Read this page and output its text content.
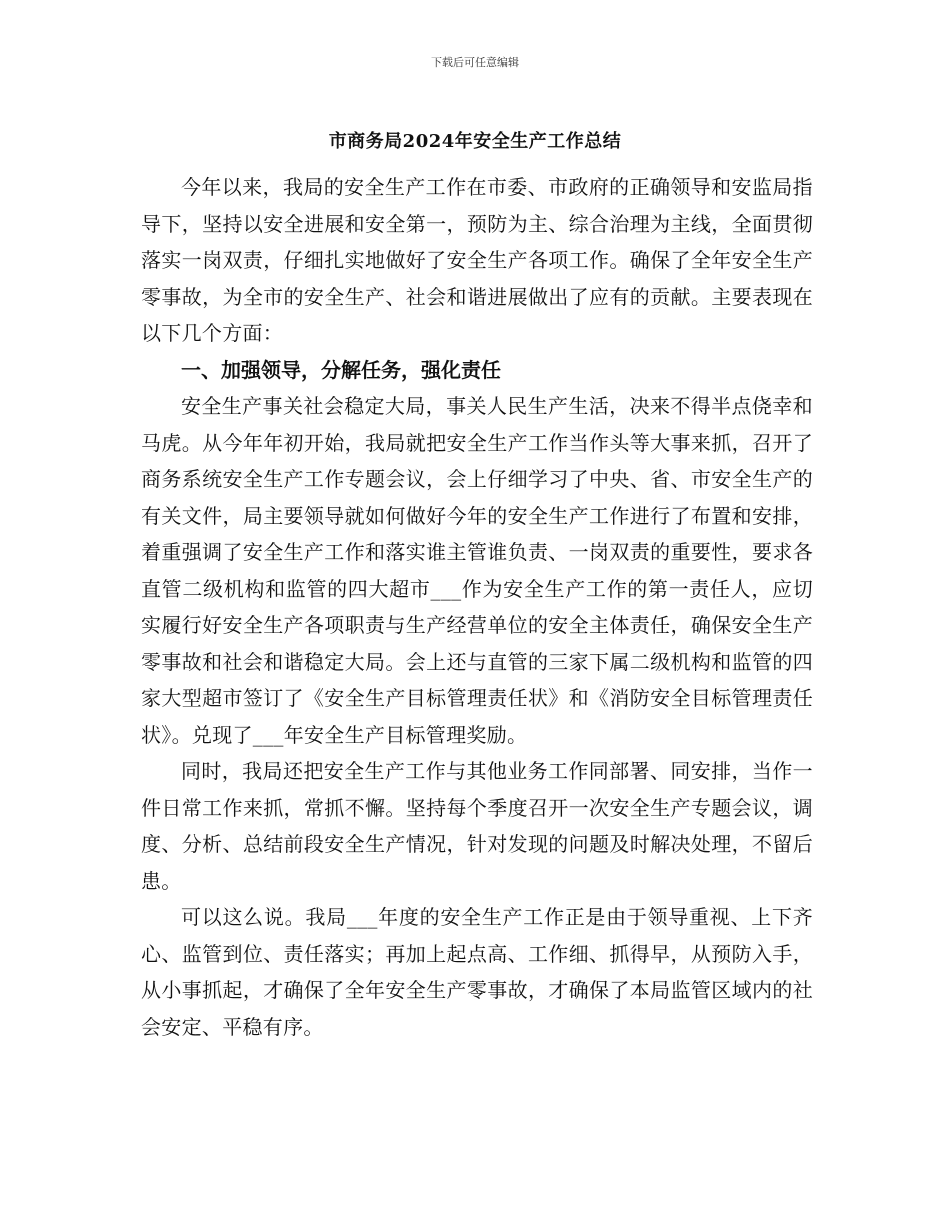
下载后可任意编辑
市商务局2024年安全生产工作总结

今年以来，我局的安全生产工作在市委、市政府的正确领导和安监局指导下，坚持以安全进展和安全第一，预防为主、综合治理为主线，全面贯彻落实一岗双责，仔细扎实地做好了安全生产各项工作。确保了全年安全生产零事故，为全市的安全生产、社会和谐进展做出了应有的贡献。主要表现在以下几个方面：

一、加强领导，分解任务，强化责任

安全生产事关社会稳定大局，事关人民生产生活，决来不得半点侥幸和马虎。从今年年初开始，我局就把安全生产工作当作头等大事来抓，召开了商务系统安全生产工作专题会议，会上仔细学习了中央、省、市安全生产的有关文件，局主要领导就如何做好今年的安全生产工作进行了布置和安排，着重强调了安全生产工作和落实谁主管谁负责、一岗双责的重要性，要求各直管二级机构和监管的四大超市___作为安全生产工作的第一责任人，应切实履行好安全生产各项职责与生产经营单位的安全主体责任，确保安全生产零事故和社会和谐稳定大局。会上还与直管的三家下属二级机构和监管的四家大型超市签订了《安全生产目标管理责任状》和《消防安全目标管理责任状》。兑现了___年安全生产目标管理奖励。

同时，我局还把安全生产工作与其他业务工作同部署、同安排，当作一件日常工作来抓，常抓不懈。坚持每个季度召开一次安全生产专题会议，调度、分析、总结前段安全生产情况，针对发现的问题及时解决处理，不留后患。

可以这么说。我局___年度的安全生产工作正是由于领导重视、上下齐心、监管到位、责任落实；再加上起点高、工作细、抓得早，从预防入手，从小事抓起，才确保了全年安全生产零事故，才确保了本局监管区域内的社会安定、平稳有序。
